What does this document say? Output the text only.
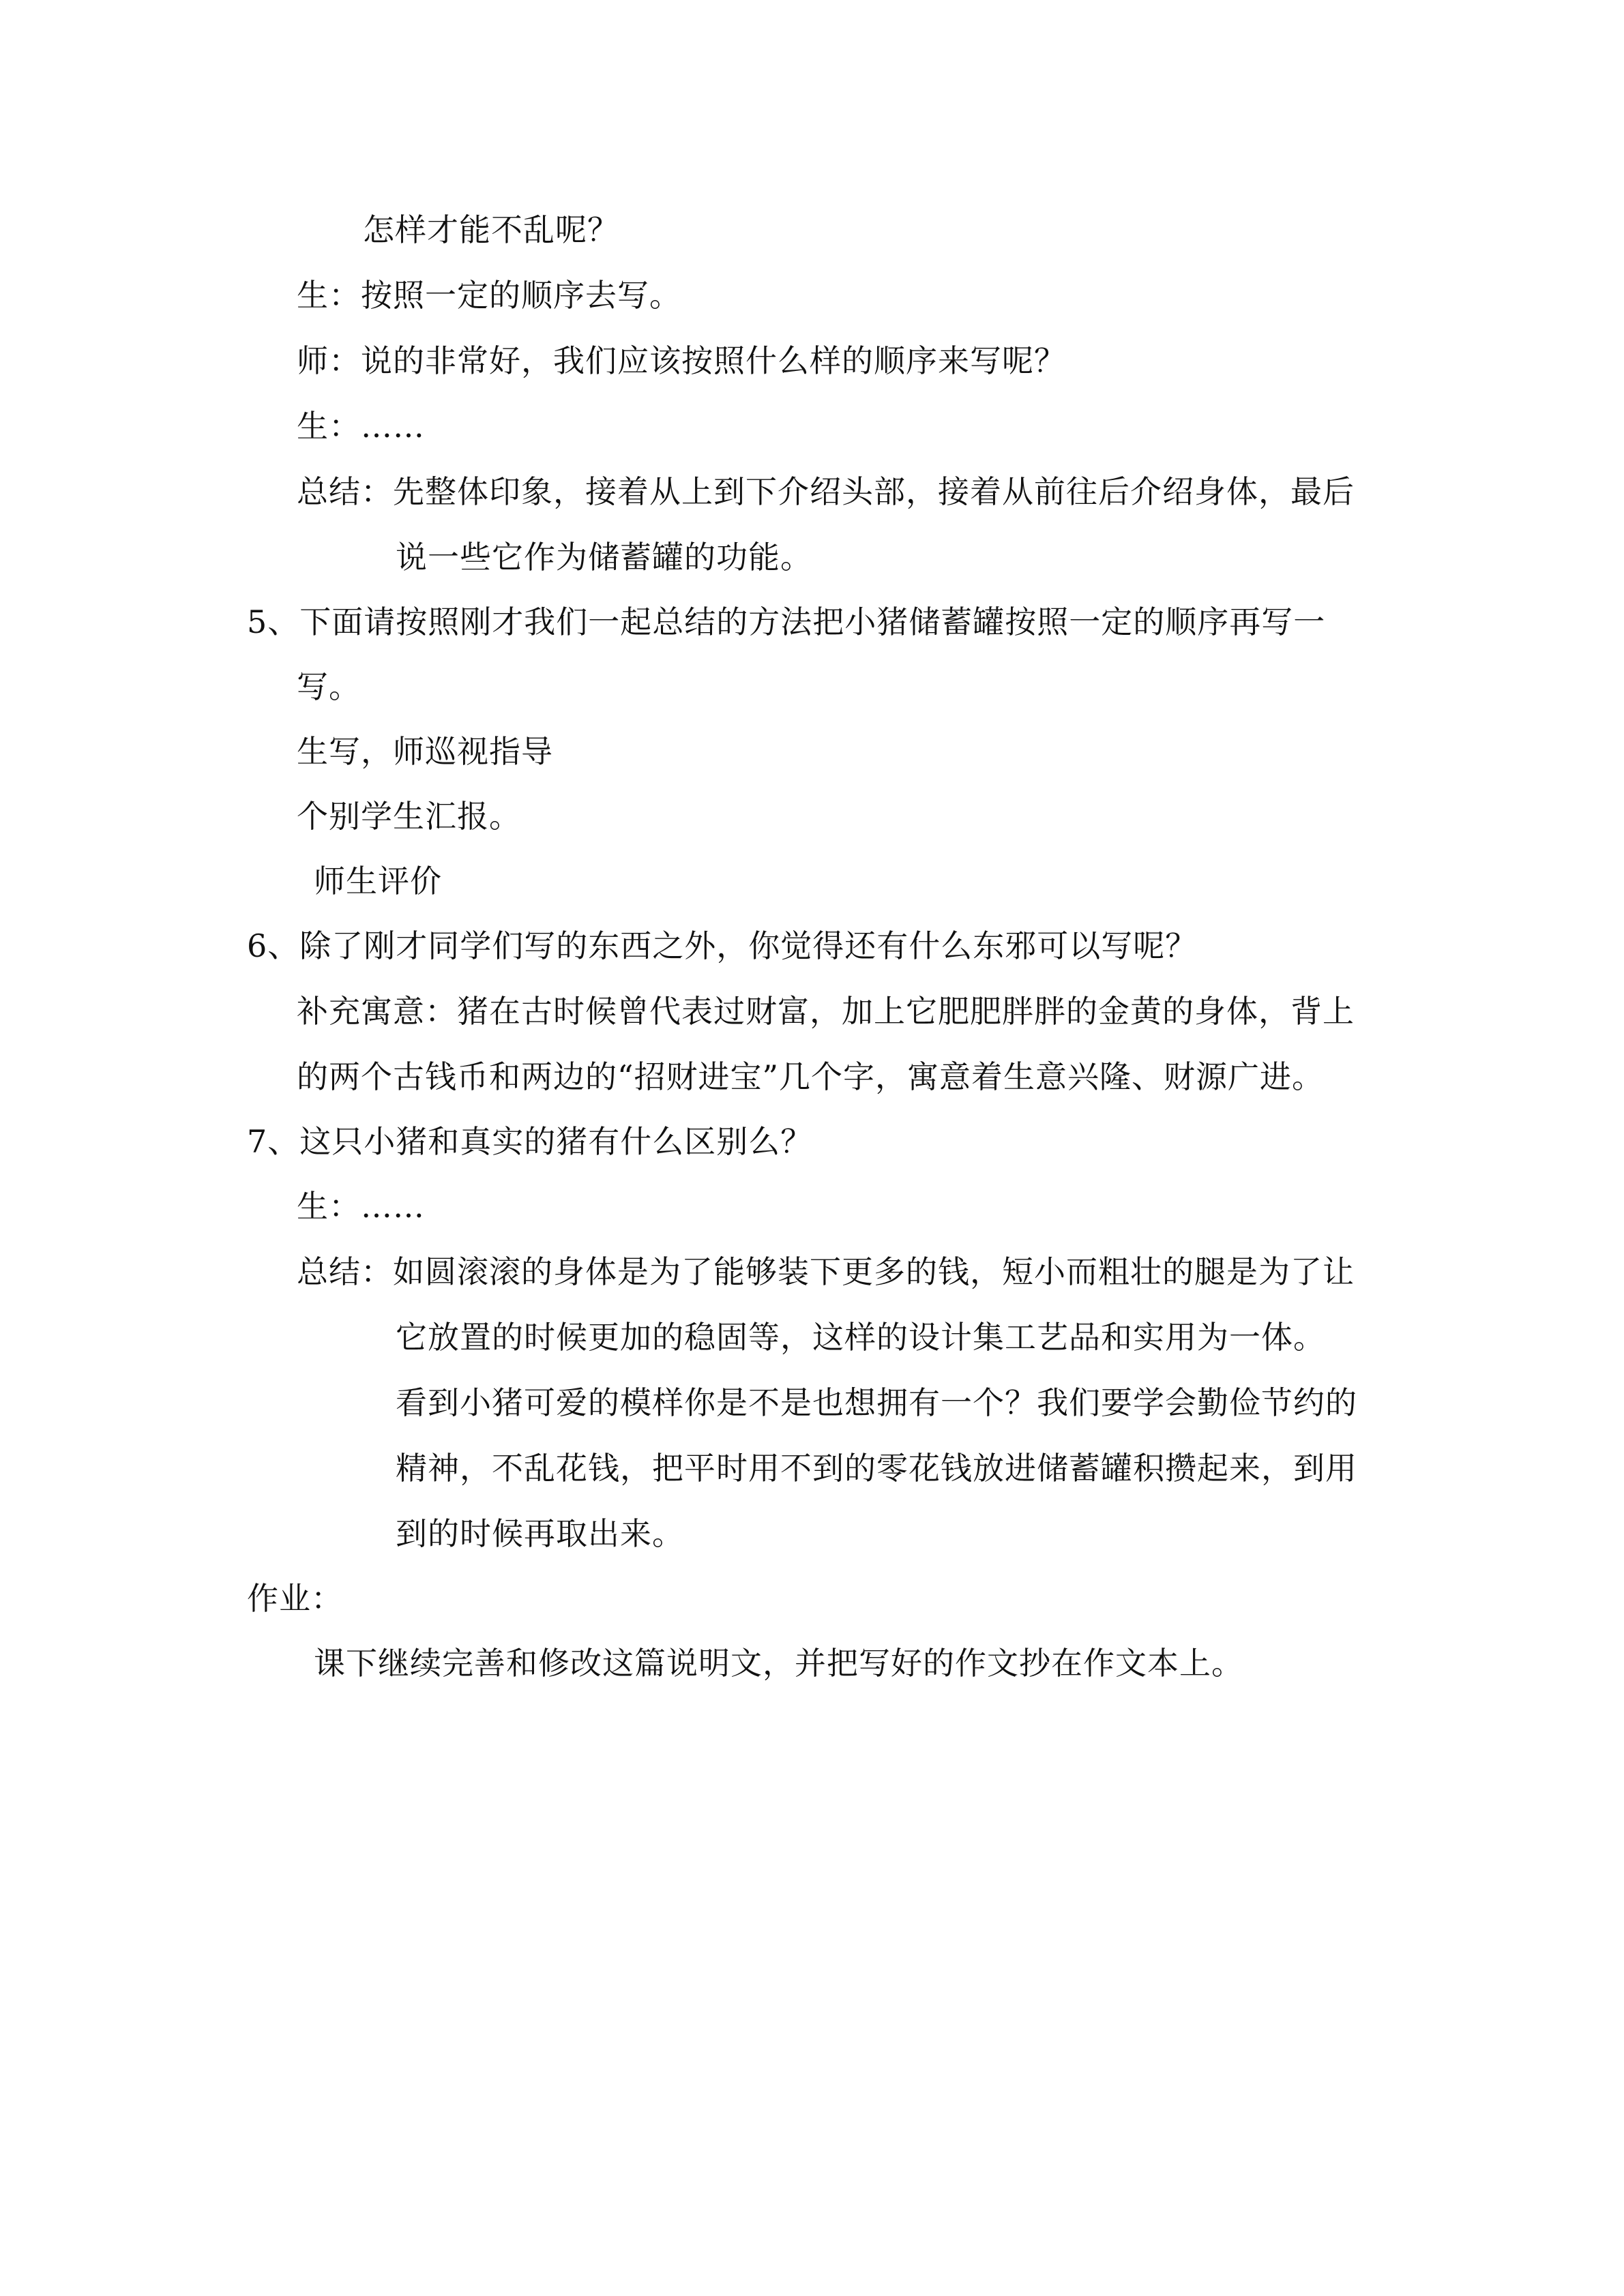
怎样才能不乱呢？
生：按照一定的顺序去写。
师：说的非常好，我们应该按照什么样的顺序来写呢？
生：……
总结：先整体印象，接着从上到下介绍头部，接着从前往后介绍身体，最后
说一些它作为储蓄罐的功能。
5、下面请按照刚才我们一起总结的方法把小猪储蓄罐按照一定的顺序再写一
写。
生写，师巡视指导
个别学生汇报。
师生评价
6、除了刚才同学们写的东西之外，你觉得还有什么东邪可以写呢？
补充寓意：猪在古时候曾代表过财富，加上它肥肥胖胖的金黄的身体，背上
的两个古钱币和两边的“招财进宝”几个字，寓意着生意兴隆、财源广进。
7、这只小猪和真实的猪有什么区别么？
生：……
总结：如圆滚滚的身体是为了能够装下更多的钱，短小而粗壮的腿是为了让
它放置的时候更加的稳固等，这样的设计集工艺品和实用为一体。
看到小猪可爱的模样你是不是也想拥有一个？我们要学会勤俭节约的
精神，不乱花钱，把平时用不到的零花钱放进储蓄罐积攒起来，到用
到的时候再取出来。
作业：
课下继续完善和修改这篇说明文，并把写好的作文抄在作文本上。
